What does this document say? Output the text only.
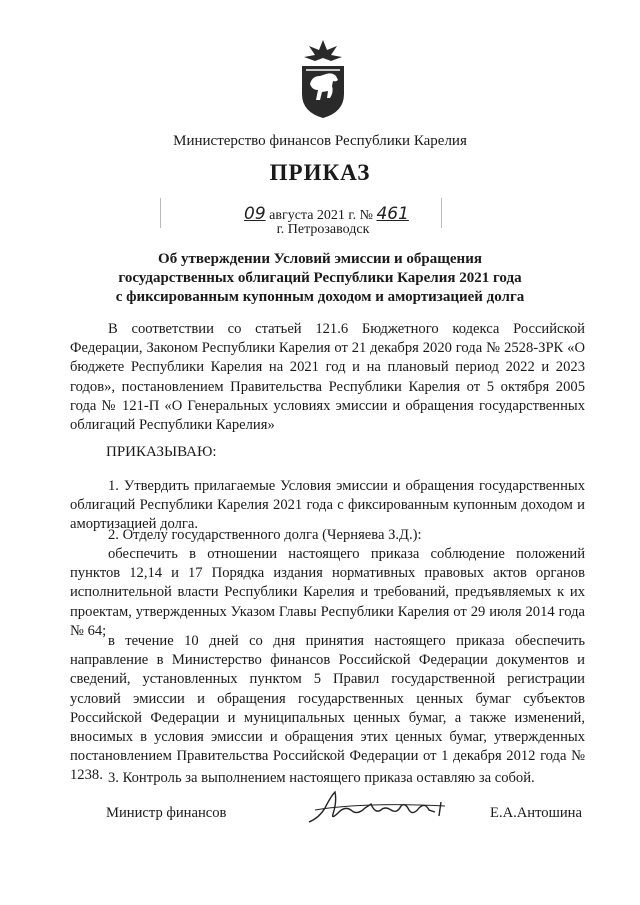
Министерство финансов Республики Карелия
ПРИКАЗ
09 августа 2021 г. № 461
г. Петрозаводск
Об утверждении Условий эмиссии и обращения
государственных облигаций Республики Карелия 2021 года
с фиксированным купонным доходом и амортизацией долга

В соответствии со статьей 121.6 Бюджетного кодекса Российской Федерации, Законом Республики Карелия от 21 декабря 2020 года № 2528-ЗРК «О бюджете Республики Карелия на 2021 год и на плановый период 2022 и 2023 годов», постановлением Правительства Республики Карелия от 5 октября 2005 года № 121-П «О Генеральных условиях эмиссии и обращения государственных облигаций Республики Карелия»

ПРИКАЗЫВАЮ:

1. Утвердить прилагаемые Условия эмиссии и обращения государственных облигаций Республики Карелия 2021 года с фиксированным купонным доходом и амортизацией долга.

2. Отделу государственного долга (Черняева З.Д.):

обеспечить в отношении настоящего приказа соблюдение положений пунктов 12,14 и 17 Порядка издания нормативных правовых актов органов исполнительной власти Республики Карелия и требований, предъявляемых к их проектам, утвержденных Указом Главы Республики Карелия от 29 июля 2014 года № 64;

в течение 10 дней со дня принятия настоящего приказа обеспечить направление в Министерство финансов Российской Федерации документов и сведений, установленных пунктом 5 Правил государственной регистрации условий эмиссии и обращения государственных ценных бумаг субъектов Российской Федерации и муниципальных ценных бумаг, а также изменений, вносимых в условия эмиссии и обращения этих ценных бумаг, утвержденных постановлением Правительства Российской Федерации от 1 декабря 2012 года № 1238. 3. Контроль за выполнением настоящего приказа оставляю за собой.

Министр финансов	Е.А.Антошина
